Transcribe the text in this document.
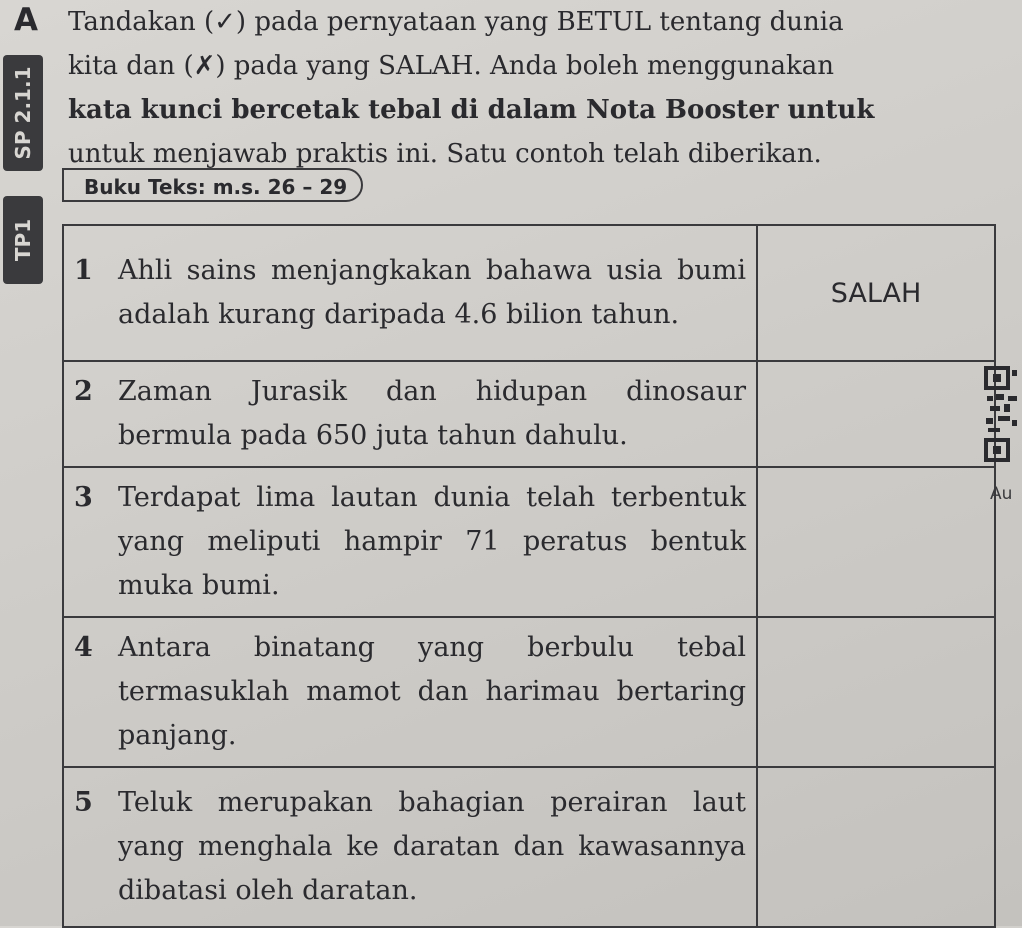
A Tandakan (✓) pada pernyataan yang BETUL tentang dunia

kita dan (✗) pada yang SALAH. Anda boleh menggunakan

kata kunci bercetak tebal di dalam Nota Booster untuk

untuk menjawab praktis ini. Satu contoh telah diberikan.

SP 2.1.1
TP1
Buku Teks: m.s. 26 – 29
1 Ahli sains menjangkakan bahawa usia bumi adalah kurang daripada 4.6 bilion tahun.	SALAH

2 Zaman Jurasik dan hidupan dinosaur bermula pada 650 juta tahun dahulu.	

3 Terdapat lima lautan dunia telah terbentuk yang meliputi hampir 71 peratus bentuk muka bumi.	

4 Antara binatang yang berbulu tebal termasuklah mamot dan harimau bertaring panjang.	

5 Teluk merupakan bahagian perairan laut yang menghala ke daratan dan kawasannya dibatasi oleh daratan.	

Au
